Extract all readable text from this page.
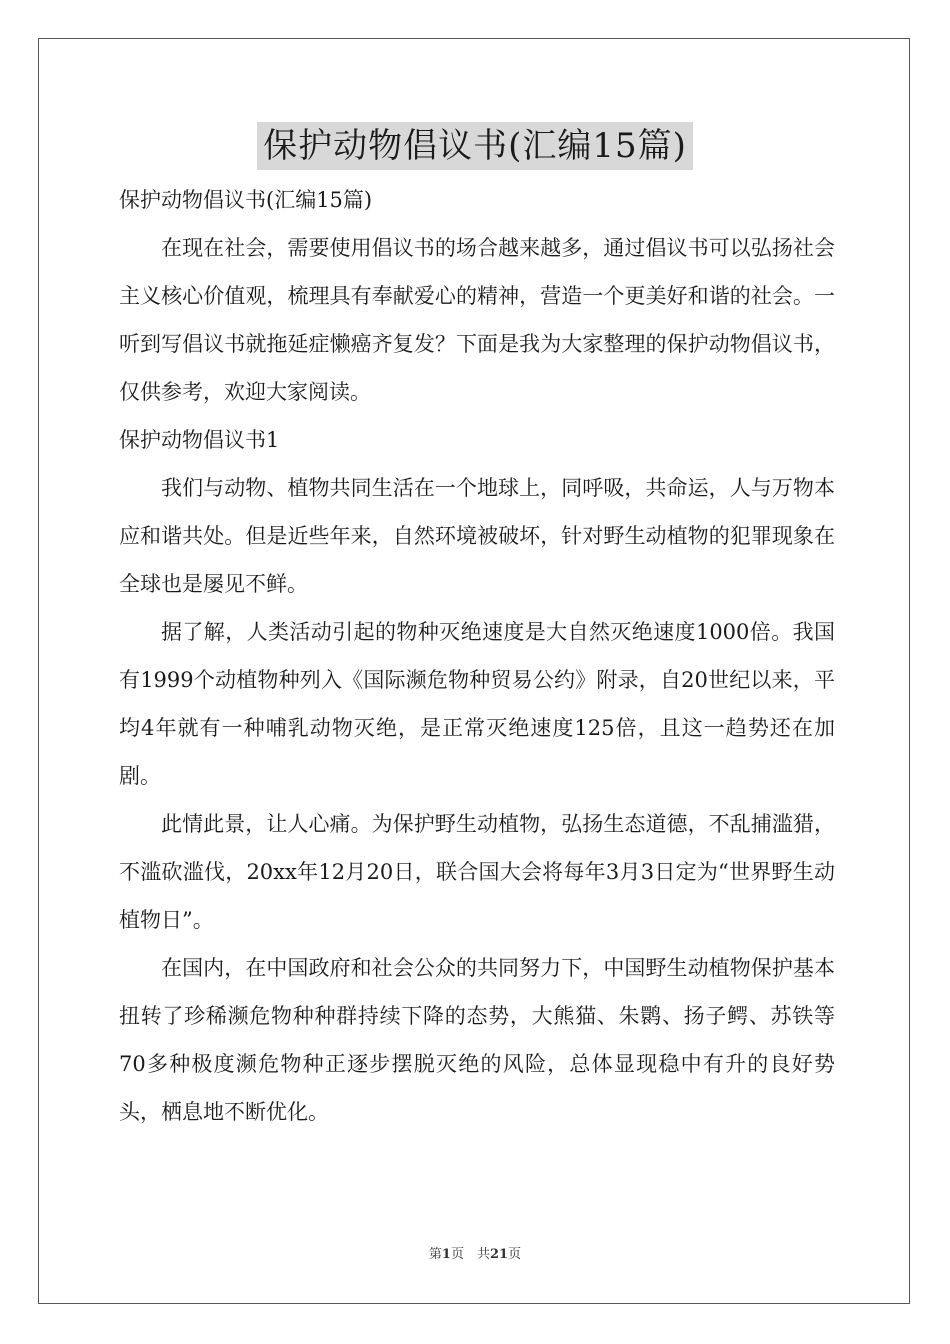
保护动物倡议书(汇编15篇)

保护动物倡议书(汇编15篇)

在现在社会，需要使用倡议书的场合越来越多，通过倡议书可以弘扬社会主义核心价值观，梳理具有奉献爱心的精神，营造一个更美好和谐的社会。一听到写倡议书就拖延症懒癌齐复发？下面是我为大家整理的保护动物倡议书，仅供参考，欢迎大家阅读。

保护动物倡议书1

我们与动物、植物共同生活在一个地球上，同呼吸，共命运，人与万物本应和谐共处。但是近些年来，自然环境被破坏，针对野生动植物的犯罪现象在全球也是屡见不鲜。

据了解，人类活动引起的物种灭绝速度是大自然灭绝速度1000倍。我国有1999个动植物种列入《国际濒危物种贸易公约》附录，自20世纪以来，平均4年就有一种哺乳动物灭绝，是正常灭绝速度125倍，且这一趋势还在加剧。

此情此景，让人心痛。为保护野生动植物，弘扬生态道德，不乱捕滥猎，不滥砍滥伐，20xx年12月20日，联合国大会将每年3月3日定为“世界野生动植物日”。

在国内，在中国政府和社会公众的共同努力下，中国野生动植物保护基本扭转了珍稀濒危物种种群持续下降的态势，大熊猫、朱鹮、扬子鳄、苏铁等70多种极度濒危物种正逐步摆脱灭绝的风险，总体显现稳中有升的良好势头，栖息地不断优化。

第1页　共21页
